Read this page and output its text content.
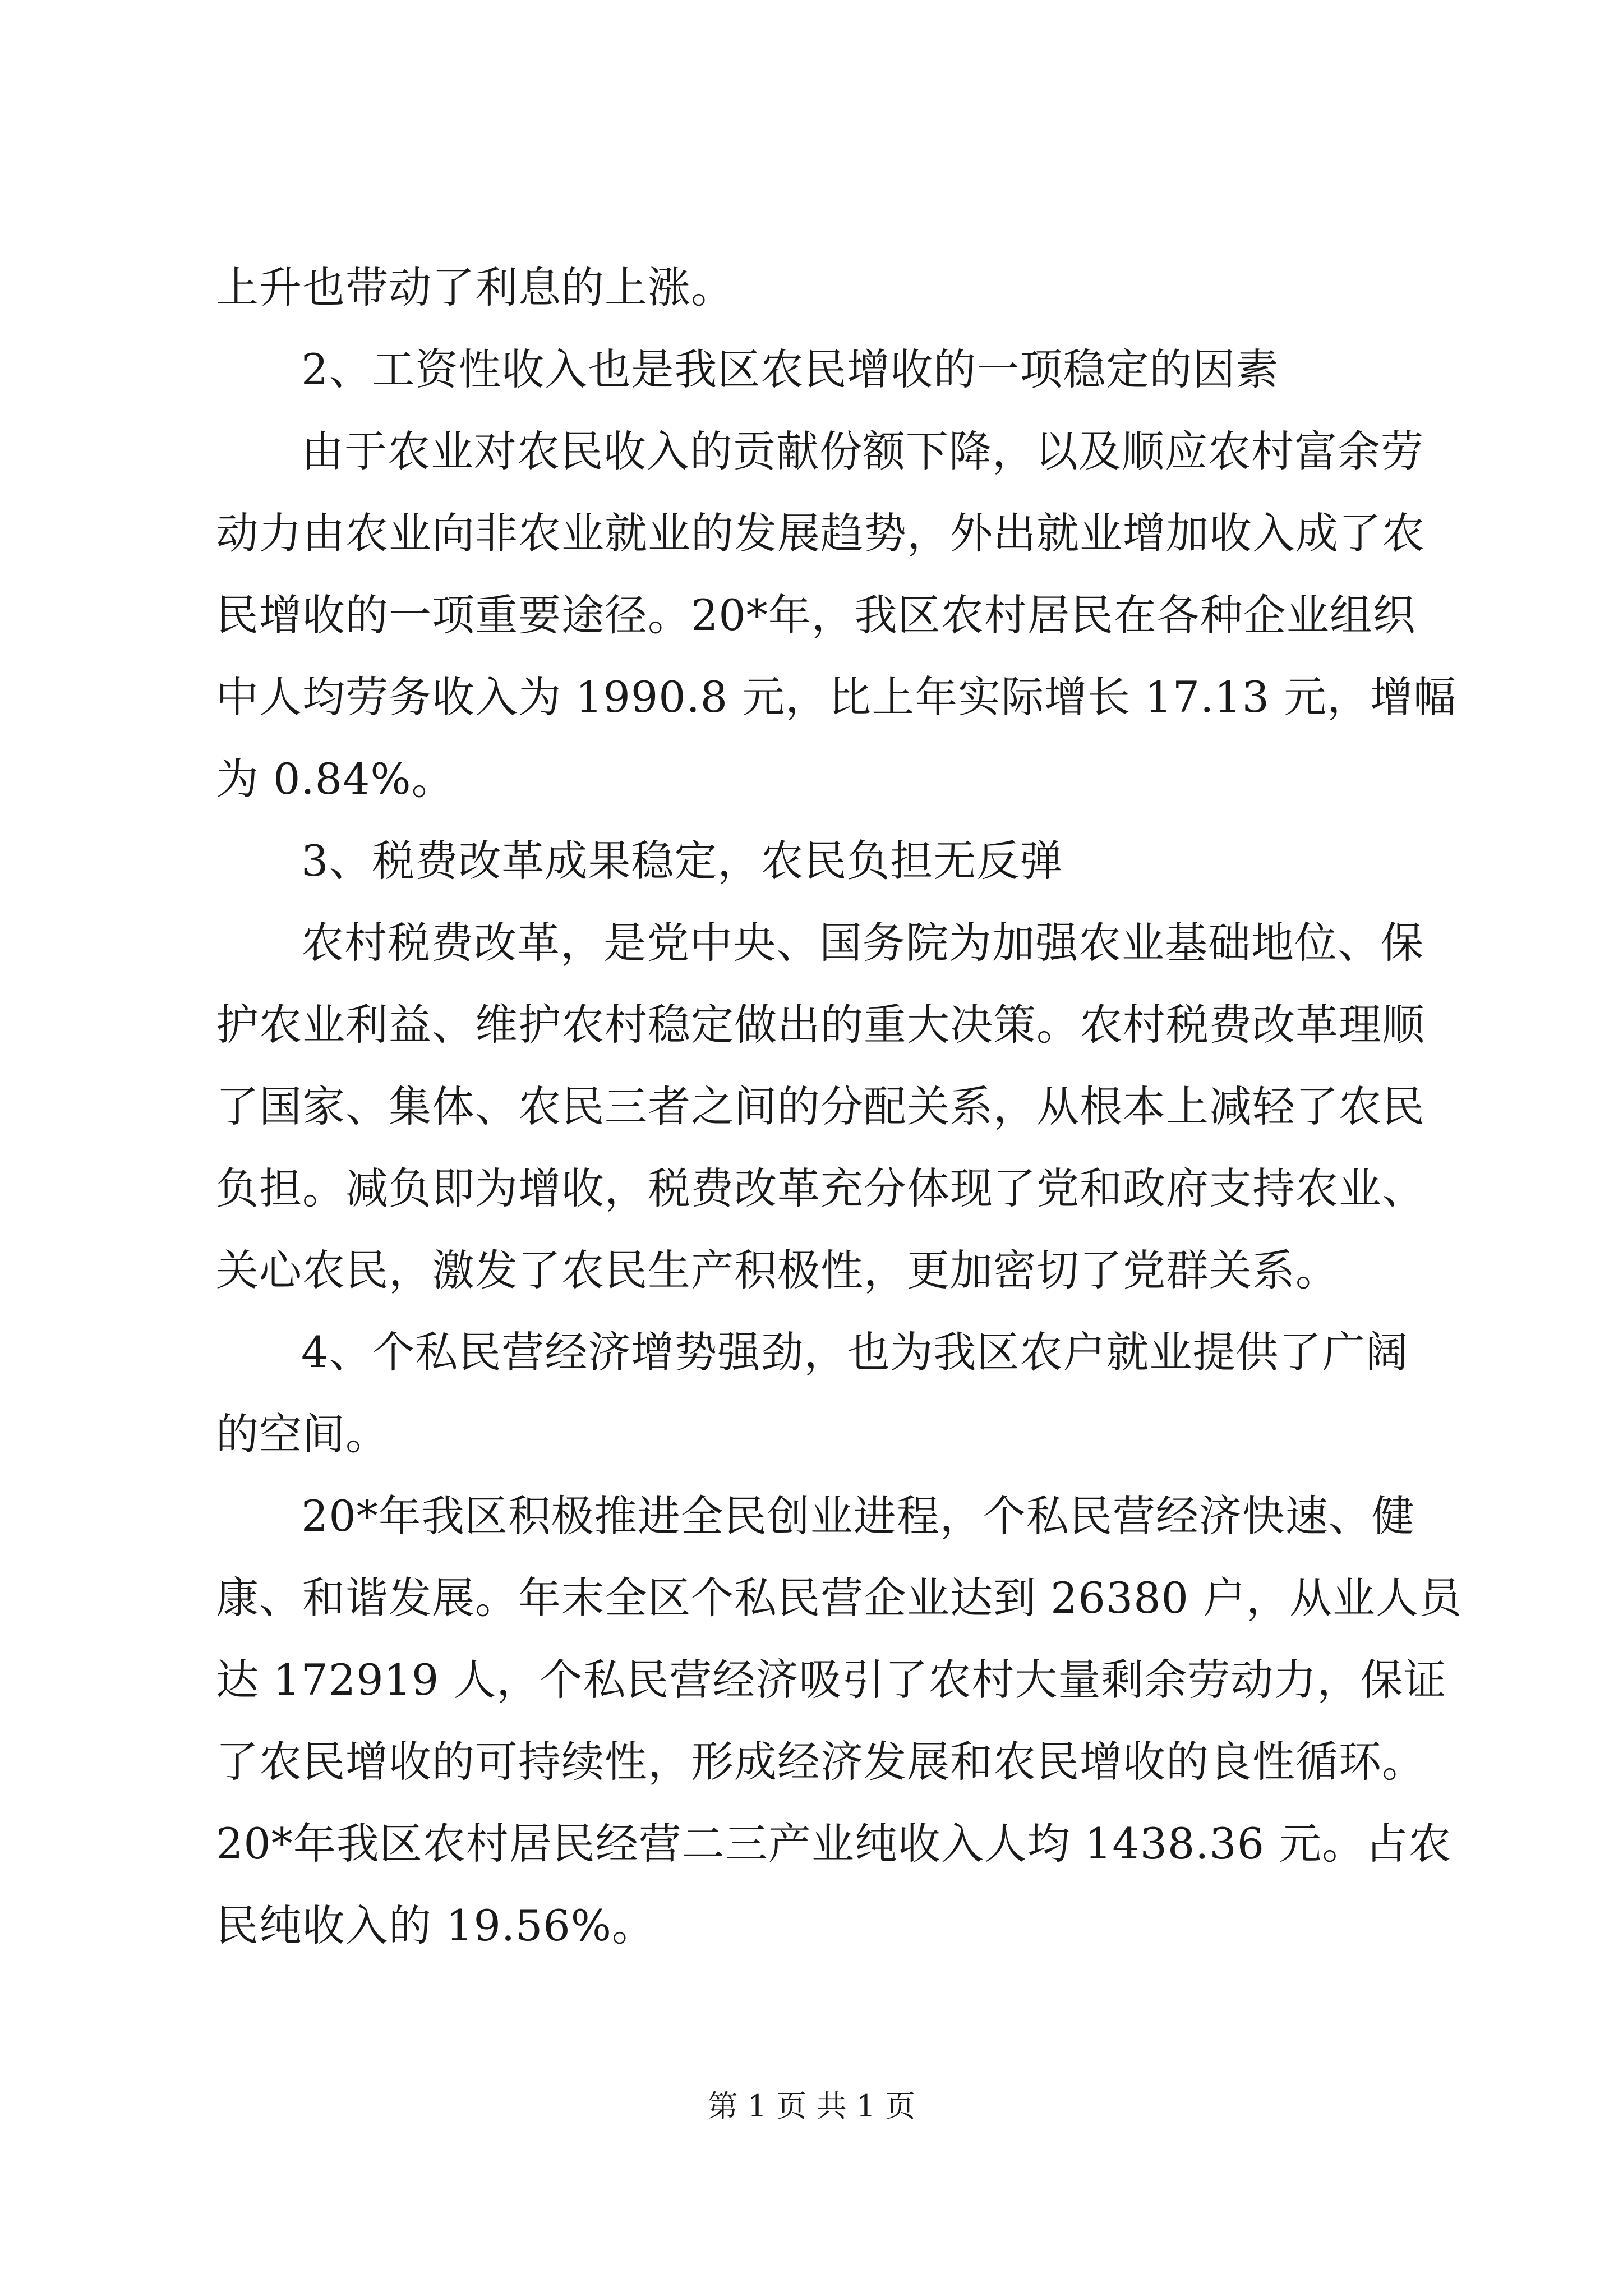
上升也带动了利息的上涨。
2、工资性收入也是我区农民增收的一项稳定的因素
由于农业对农民收入的贡献份额下降，以及顺应农村富余劳
动力由农业向非农业就业的发展趋势，外出就业增加收入成了农
民增收的一项重要途径。20*年，我区农村居民在各种企业组织
中人均劳务收入为 1990.8 元，比上年实际增长 17.13 元，增幅
为 0.84%。
3、税费改革成果稳定，农民负担无反弹
农村税费改革，是党中央、国务院为加强农业基础地位、保
护农业利益、维护农村稳定做出的重大决策。农村税费改革理顺
了国家、集体、农民三者之间的分配关系，从根本上减轻了农民
负担。减负即为增收，税费改革充分体现了党和政府支持农业、
关心农民，激发了农民生产积极性，更加密切了党群关系。
4、个私民营经济增势强劲，也为我区农户就业提供了广阔
的空间。
20*年我区积极推进全民创业进程，个私民营经济快速、健
康、和谐发展。年末全区个私民营企业达到 26380 户，从业人员
达 172919 人，个私民营经济吸引了农村大量剩余劳动力，保证
了农民增收的可持续性，形成经济发展和农民增收的良性循环。
20*年我区农村居民经营二三产业纯收入人均 1438.36 元。占农
民纯收入的 19.56%。
第 1 页 共 1 页
